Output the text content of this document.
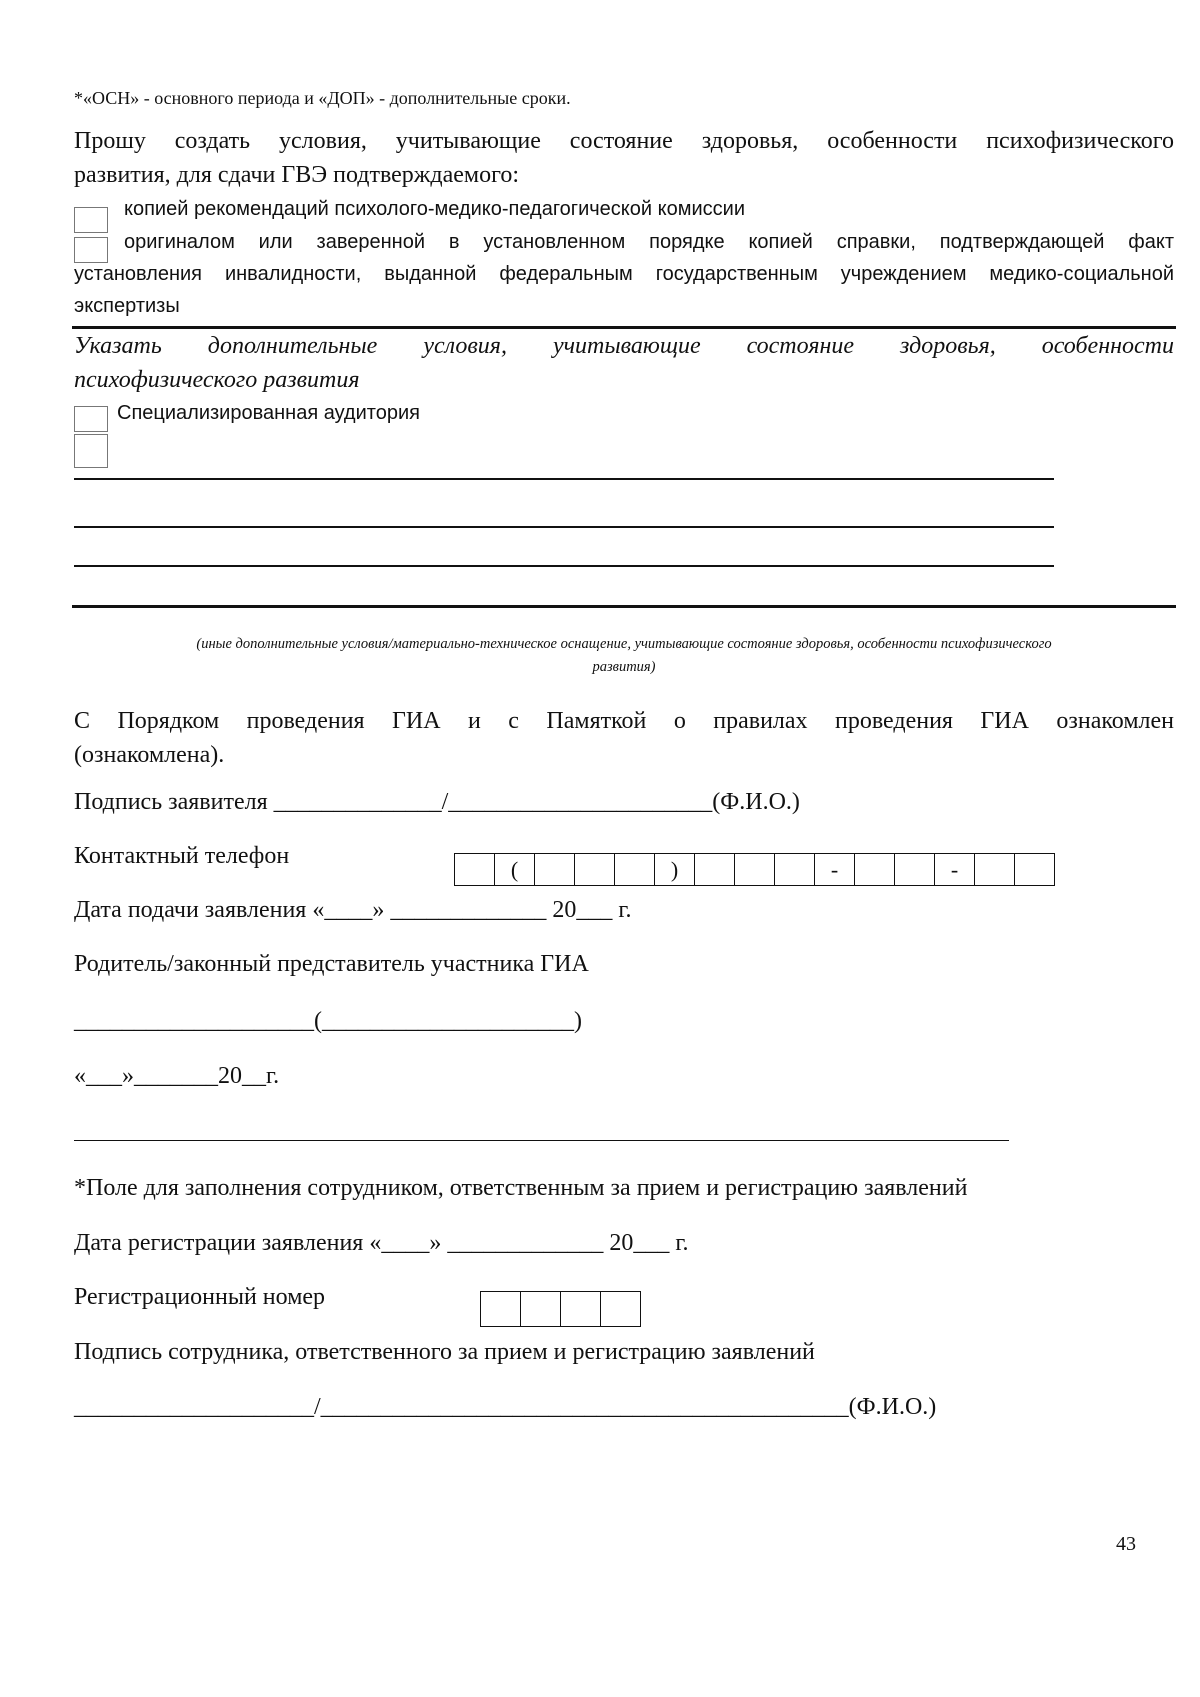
*«ОСН» - основного периода и «ДОП» - дополнительные сроки.
Прошу создать условия, учитывающие состояние здоровья, особенности психофизического
развития, для сдачи ГВЭ подтверждаемого:
копией рекомендаций психолого-медико-педагогической комиссии
оригиналом или заверенной в установленном порядке копией справки, подтверждающей факт
установления инвалидности, выданной федеральным государственным учреждением медико-социальной
экспертизы
Указать дополнительные условия, учитывающие состояние здоровья, особенности
психофизического развития
Специализированная аудитория
(иные дополнительные условия/материально-техническое оснащение, учитывающие состояние здоровья, особенности психофизического
развития)
С Порядком проведения ГИА и с Памяткой о правилах проведения ГИА ознакомлен
(ознакомлена).
Подпись заявителя ______________/______________________(Ф.И.О.)
Контактный телефон	(	)	-	-
Дата подачи заявления «____» _____________ 20___ г.
Родитель/законный представитель участника ГИА
____________________(_____________________)
«___»_______20__г.
*Поле для заполнения сотрудником, ответственным за прием и регистрацию заявлений
Дата регистрации заявления «____» _____________ 20___ г.
Регистрационный номер
Подпись сотрудника, ответственного за прием и регистрацию заявлений
____________________/____________________________________________(Ф.И.О.)
43
